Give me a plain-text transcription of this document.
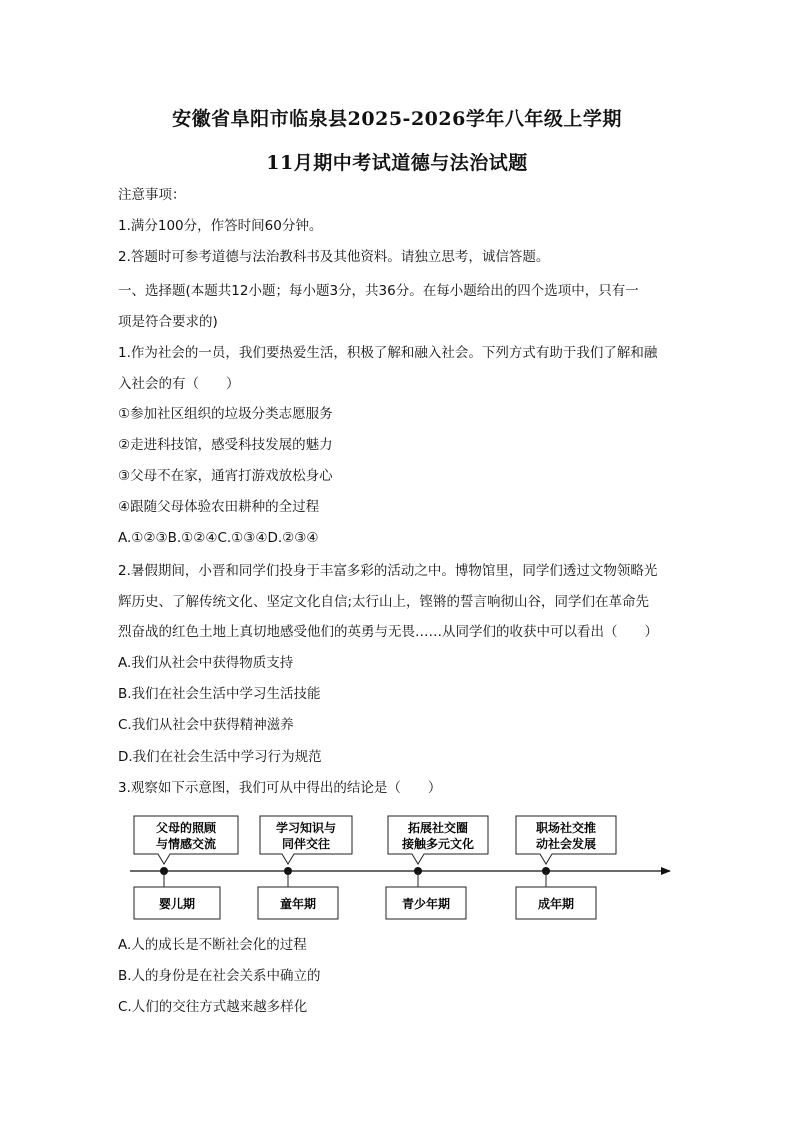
安徽省阜阳市临泉县2025-2026学年八年级上学期
11月期中考试道德与法治试题
注意事项：
1.满分100分，作答时间60分钟。
2.答题时可参考道德与法治教科书及其他资料。请独立思考，诚信答题。
一、选择题(本题共12小题；每小题3分，共36分。在每小题给出的四个选项中，只有一
项是符合要求的)
1.作为社会的一员，我们要热爱生活，积极了解和融入社会。下列方式有助于我们了解和融
入社会的有（　　）
①参加社区组织的垃圾分类志愿服务
②走进科技馆，感受科技发展的魅力
③父母不在家，通宵打游戏放松身心
④跟随父母体验农田耕种的全过程
A.①②③B.①②④C.①③④D.②③④
2.暑假期间，小晋和同学们投身于丰富多彩的活动之中。博物馆里，同学们透过文物领略光
辉历史、了解传统文化、坚定文化自信;太行山上，铿锵的誓言响彻山谷，同学们在革命先
烈奋战的红色土地上真切地感受他们的英勇与无畏……从同学们的收获中可以看出（　　）
A.我们从社会中获得物质支持
B.我们在社会生活中学习生活技能
C.我们从社会中获得精神滋养
D.我们在社会生活中学习行为规范
3.观察如下示意图，我们可从中得出的结论是（　　）
父母的照顾
与情感交流
学习知识与
同伴交往
拓展社交圈
接触多元文化
职场社交推
动社会发展
婴儿期	童年期	青少年期	成年期
A.人的成长是不断社会化的过程
B.人的身份是在社会关系中确立的
C.人们的交往方式越来越多样化
